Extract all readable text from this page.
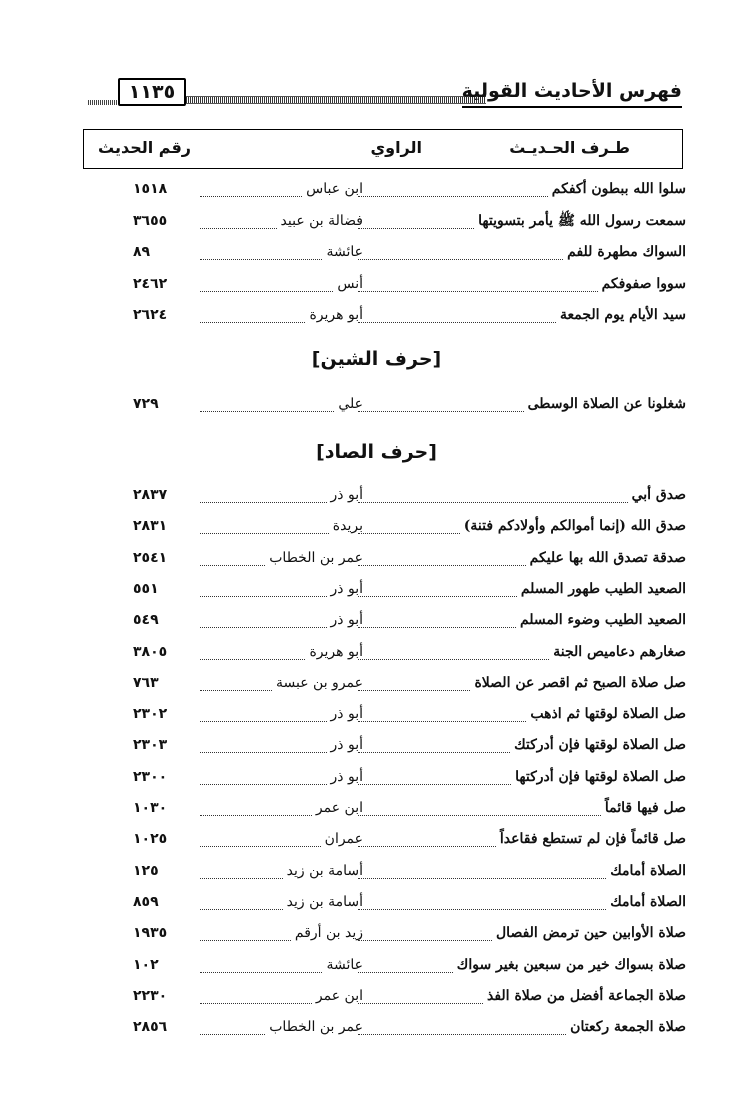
١١٣٥	فهرس الأحاديث القولية
طـرف الحـديـث
الراوي
رقم الحديث
سلوا الله ببطون أكفكم
ابن عباس
١٥١٨
سمعت رسول الله ﷺ يأمر بتسويتها
فضالة بن عبيد
٣٦٥٥
السواك مطهرة للفم
عائشة
٨٩
سووا صفوفكم
أنس
٢٤٦٢
سيد الأيام يوم الجمعة
أبو هريرة
٢٦٢٤
[حرف الشين]
شغلونا عن الصلاة الوسطى
علي
٧٢٩
[حرف الصاد]
صدق أبي
أبو ذر
٢٨٣٧
صدق الله (إنما أموالكم وأولادكم فتنة)
بريدة
٢٨٣١
صدقة تصدق الله بها عليكم
عمر بن الخطاب
٢٥٤١
الصعيد الطيب طهور المسلم
أبو ذر
٥٥١
الصعيد الطيب وضوء المسلم
أبو ذر
٥٤٩
صغارهم دعاميص الجنة
أبو هريرة
٣٨٠٥
صل صلاة الصبح ثم اقصر عن الصلاة
عمرو بن عبسة
٧٦٣
صل الصلاة لوقتها ثم اذهب
أبو ذر
٢٣٠٢
صل الصلاة لوقتها فإن أدركتك
أبو ذر
٢٣٠٣
صل الصلاة لوقتها فإن أدركتها
أبو ذر
٢٣٠٠
صل فيها قائماً
ابن عمر
١٠٣٠
صل قائماً فإن لم تستطع فقاعداً
عمران
١٠٢٥
الصلاة أمامك
أسامة بن زيد
١٢٥
الصلاة أمامك
أسامة بن زيد
٨٥٩
صلاة الأوابين حين ترمض الفصال
زيد بن أرقم
١٩٣٥
صلاة بسواك خير من سبعين بغير سواك
عائشة
١٠٢
صلاة الجماعة أفضل من صلاة الفذ
ابن عمر
٢٢٣٠
صلاة الجمعة ركعتان
عمر بن الخطاب
٢٨٥٦
